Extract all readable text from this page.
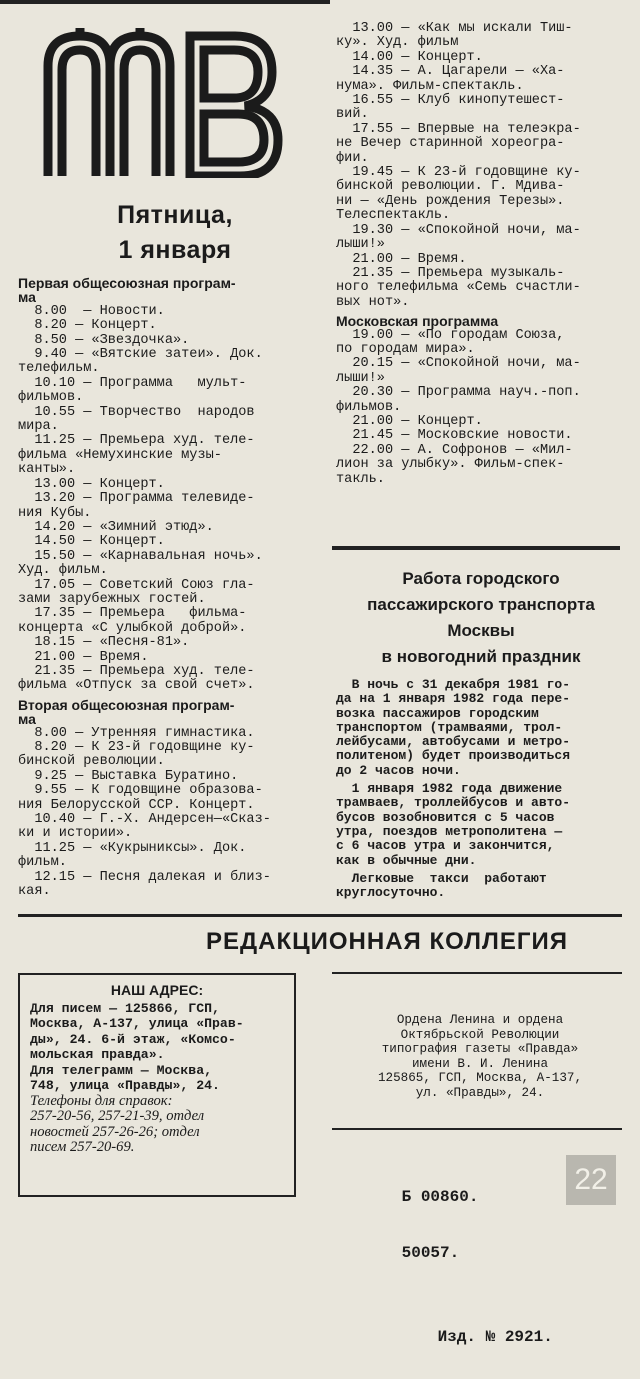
Пятница,
1 января
Первая общесоюзная програм-
ма
8.00  — Новости.
8.20 — Концерт.
8.50 — «Звездочка».
9.40 — «Вятские затеи». Док.
телефильм.
10.10 — Программа   мульт-
фильмов.
10.55 — Творчество  народов
мира.
11.25 — Премьера худ. теле-
фильма «Немухинские музы-
канты».
13.00 — Концерт.
13.20 — Программа телевиде-
ния Кубы.
14.20 — «Зимний этюд».
14.50 — Концерт.
15.50 — «Карнавальная ночь».
Худ. фильм.
17.05 — Советский Союз гла-
зами зарубежных гостей.
17.35 — Премьера   фильма-
концерта «С улыбкой доброй».
18.15 — «Песня-81».
21.00 — Время.
21.35 — Премьера худ. теле-
фильма «Отпуск за свой счет».
Вторая общесоюзная програм-
ма
8.00 — Утренняя гимнастика.
8.20 — К 23-й годовщине ку-
бинской революции.
9.25 — Выставка Буратино.
9.55 — К годовщине образова-
ния Белорусской ССР. Концерт.
10.40 — Г.-Х. Андерсен—«Сказ-
ки и истории».
11.25 — «Кукрыниксы». Док.
фильм.
12.15 — Песня далекая и близ-
кая.
13.00 — «Как мы искали Тиш-
ку». Худ. фильм
14.00 — Концерт.
14.35 — А. Цагарели — «Ха-
нума». Фильм-спектакль.
16.55 — Клуб кинопутешест-
вий.
17.55 — Впервые на телеэкра-
не Вечер старинной хореогра-
фии.
19.45 — К 23-й годовщине ку-
бинской революции. Г. Мдива-
ни — «День рождения Терезы».
Телеспектакль.
19.30 — «Спокойной ночи, ма-
лыши!»
21.00 — Время.
21.35 — Премьера музыкаль-
ного телефильма «Семь счастли-
вых нот».
Московская программа
19.00 — «По городам Союза,
по городам мира».
20.15 — «Спокойной ночи, ма-
лыши!»
20.30 — Программа науч.-поп.
фильмов.
21.00 — Концерт.
21.45 — Московские новости.
22.00 — А. Софронов — «Мил-
лион за улыбку». Фильм-спек-
такль.
Работа городского
пассажирского транспорта
Москвы
в новогодний праздник
В ночь с 31 декабря 1981 го-
да на 1 января 1982 года пере-
возка пассажиров городским
транспортом (трамваями, трол-
лейбусами, автобусами и метро-
политеном) будет производиться
до 2 часов ночи.
1 января 1982 года движение
трамваев, троллейбусов и авто-
бусов возобновится с 5 часов
утра, поездов метрополитена —
с 6 часов утра и закончится,
как в обычные дни.
Легковые  такси  работают
круглосуточно.
РЕДАКЦИОННАЯ КОЛЛЕГИЯ
НАШ АДРЕС:
Для писем — 125866, ГСП,
Москва, А-137, улица «Прав-
ды», 24. 6-й этаж, «Комсо-
мольская правда».
Для телеграмм — Москва,
748, улица «Правды», 24.
Телефоны для справок:
257-20-56, 257-21-39, отдел
новостей 257-26-26; отдел
писем 257-20-69.
Ордена Ленина и ордена
Октябрьской Революции
типография газеты «Правда»
имени В. И. Ленина
125865, ГСП, Москва, А-137,
ул. «Правды», 24.

Б 00860.

50057.

Изд. № 2921.

22
